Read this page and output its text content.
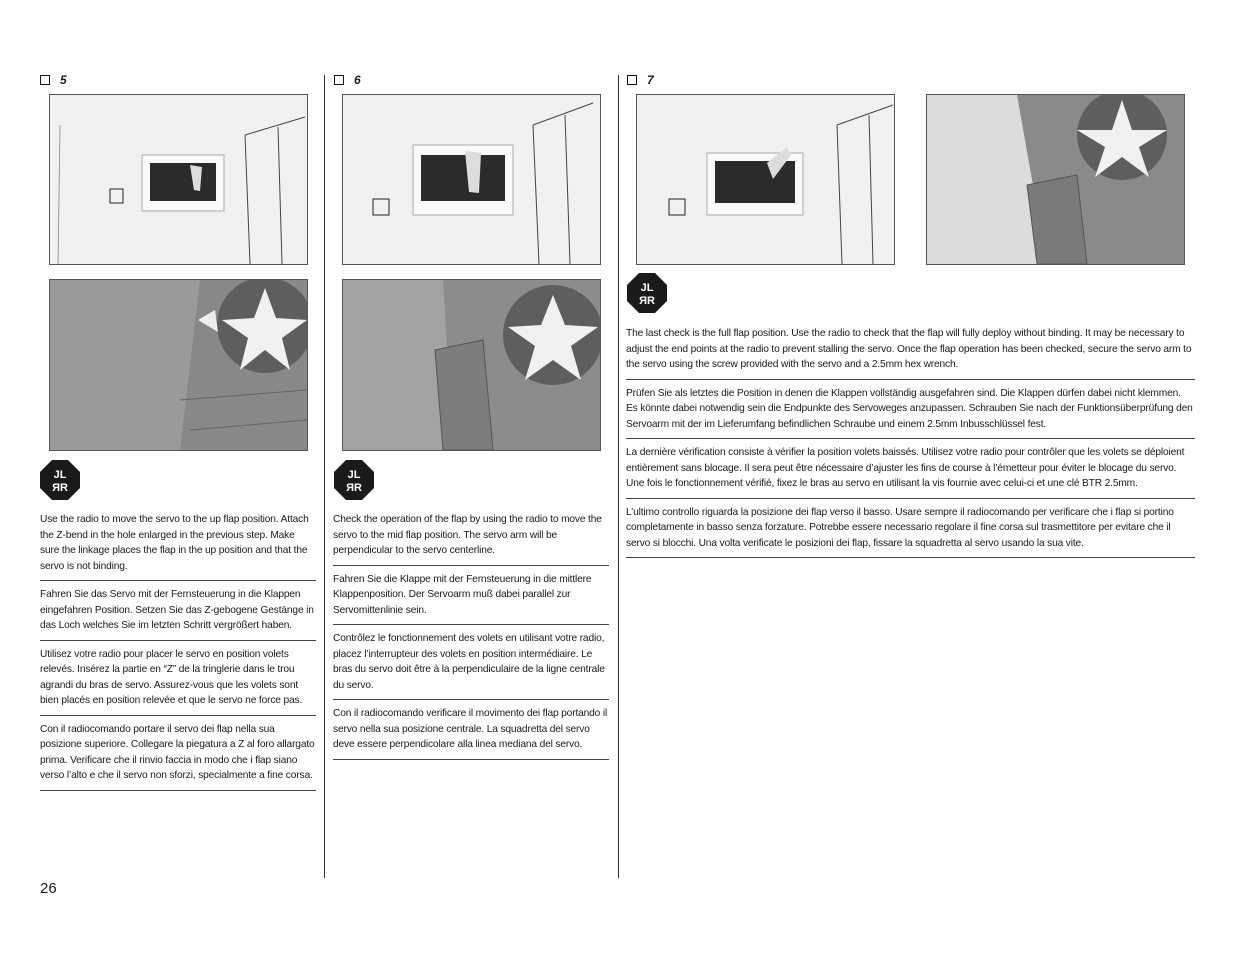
5	6	7
JL
ЯR
JL
ЯR
JL
ЯR

Use the radio to move the servo to the up flap position. Attach the Z-bend in the hole enlarged in the previous step. Make sure the linkage places the flap in the up position and that the servo is not binding.

Fahren Sie das Servo mit der Fernsteuerung in die Klappen eingefahren Position. Setzen Sie das Z-gebogene Gestänge in das Loch welches Sie im letzten Schritt vergrößert haben.

Utilisez votre radio pour placer le servo en position volets relevés. Insérez la partie en “Z” de la tringlerie dans le trou agrandi du bras de servo. Assurez-vous que les volets sont bien placés en position relevée et que le servo ne force pas.

Con il radiocomando portare il servo dei flap nella sua posizione superiore. Collegare la piegatura a Z al foro allargato prima. Verificare che il rinvio faccia in modo che i flap siano verso l’alto e che il servo non sforzi, specialmente a fine corsa.

Check the operation of the flap by using the radio to move the servo to the mid flap position. The servo arm will be perpendicular to the servo centerline.

Fahren Sie die Klappe mit der Fernsteuerung in die mittlere Klappenposition. Der Servoarm muß dabei parallel zur Servomittenlinie sein.

Contrôlez le fonctionnement des volets en utilisant votre radio, placez l’interrupteur des volets en position intermédiaire. Le bras du servo doit être à la perpendiculaire de la ligne centrale du servo.

Con il radiocomando verificare il movimento dei flap portando il servo nella sua posizione centrale. La squadretta del servo deve essere perpendicolare alla linea mediana del servo.

The last check is the full flap position. Use the radio to check that the flap will fully deploy without binding. It may be necessary to adjust the end points at the radio to prevent stalling the servo. Once the flap operation has been checked, secure the servo arm to the servo using the screw provided with the servo and a 2.5mm hex wrench.

Prüfen Sie als letztes die Position in denen die Klappen vollständig ausgefahren sind. Die Klappen dürfen dabei nicht klemmen. Es könnte dabei notwendig sein die Endpunkte des Servoweges anzupassen. Schrauben Sie nach der Funktionsüberprüfung den Servoarm mit der im Lieferumfang befindlichen Schraube und einem 2.5mm Inbusschlüssel fest.

La dernière vérification consiste à vérifier la position volets baissés. Utilisez votre radio pour contrôler que les volets se déploient entièrement sans blocage. Il sera peut être nécessaire d’ajuster les fins de course à l’émetteur pour éviter le blocage du servo. Une fois le fonctionnement vérifié, fixez le bras au servo en utilisant la vis fournie avec celui-ci et une clé BTR 2.5mm.

L’ultimo controllo riguarda la posizione dei flap verso il basso. Usare sempre il radiocomando per verificare che i flap si portino completamente in basso senza forzature. Potrebbe essere necessario regolare il fine corsa sul trasmettitore per evitare che il servo si blocchi. Una volta verificate le posizioni dei flap, fissare la squadretta al servo usando la sua vite.

26
